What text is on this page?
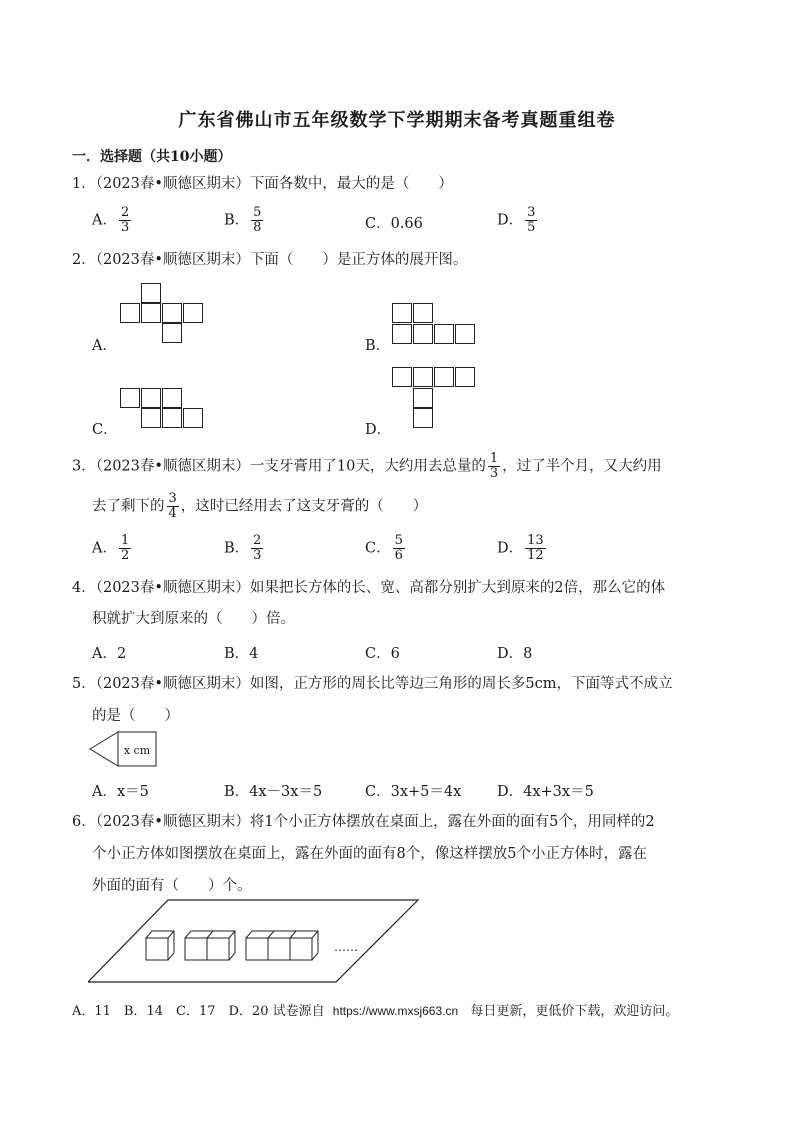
广东省佛山市五年级数学下学期期末备考真题重组卷
一．选择题（共10小题）
1．（2023春•顺德区期末）下面各数中，最大的是（　　）
A． $\frac{2}{3}$	B． $\frac{5}{8}$	C．0.66	D． $\frac{3}{5}$
2．（2023春•顺德区期末）下面（　　）是正方体的展开图。
A．	B．
C．	D．
3．（2023春•顺德区期末）一支牙膏用了10天，大约用去总量的 $\frac{1}{3}$ ，过了半个月，又大约用
去了剩下的 $\frac{3}{4}$ ，这时已经用去了这支牙膏的（　　）
A． $\frac{1}{2}$	B． $\frac{2}{3}$	C． $\frac{5}{6}$	D． $\frac{13}{12}$
4．（2023春•顺德区期末）如果把长方体的长、宽、高都分别扩大到原来的2倍，那么它的体
积就扩大到原来的（　　）倍。
A．2	B．4	C．6	D．8
5．（2023春•顺德区期末）如图，正方形的周长比等边三角形的周长多5cm，下面等式不成立
的是（　　）
x cm
A．x＝5	B．4x－3x＝5	C．3x+5＝4x D．4x+3x＝5
6．（2023春•顺德区期末）将1个小正方体摆放在桌面上，露在外面的面有5个，用同样的2
个小正方体如图摆放在桌面上，露在外面的面有8个，像这样摆放5个小正方体时，露在
外面的面有（　　）个。
……
A．11　B．14　C．17　D．20 试卷源自 https://www.mxsj663.cn 每日更新，更低价下载，欢迎访问。
